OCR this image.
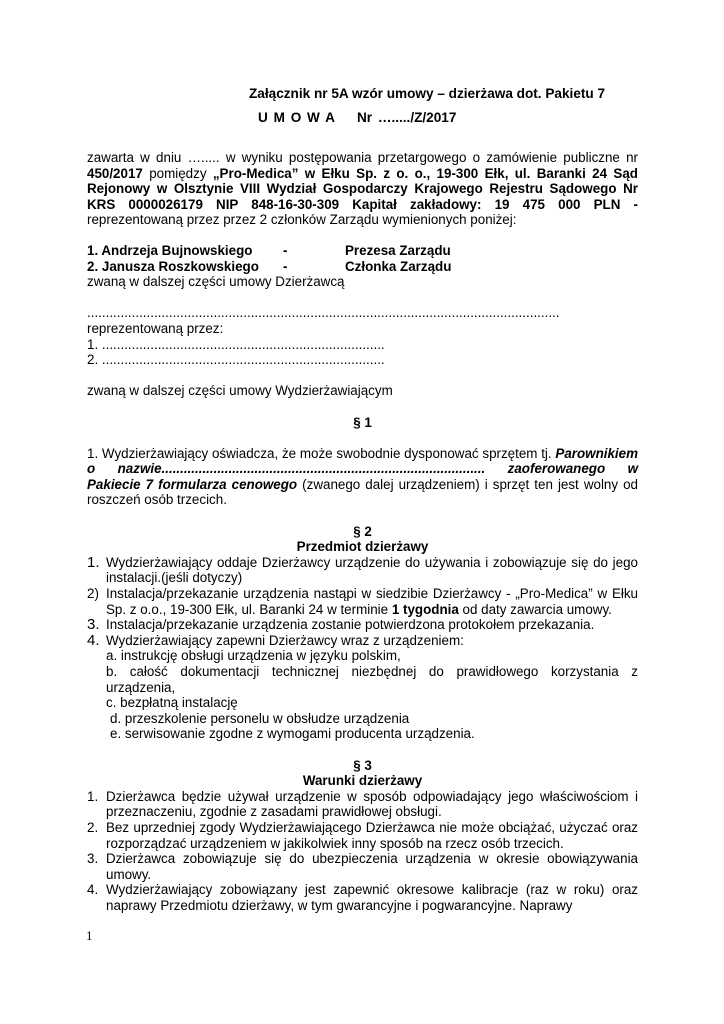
Załącznik nr 5A wzór umowy – dzierżawa dot. Pakietu 7
U M O W A Nr …...../Z/2017

zawarta w dniu …..... w wyniku postępowania przetargowego o zamówienie publiczne nr 450/2017 pomiędzy „Pro-Medica” w Ełku Sp. z o. o., 19-300 Ełk, ul. Baranki 24 Sąd Rejonowy w Olsztynie VIII Wydział Gospodarczy Krajowego Rejestru Sądowego Nr KRS 0000026179 NIP 848-16-30-309 Kapitał zakładowy: 19 475 000 PLN - reprezentowaną przez przez 2 członków Zarządu wymienionych poniżej:

1. Andrzeja Bujnowskiego	-	Prezesa Zarządu
2. Janusza Roszkowskiego	-	Członka Zarządu

zwaną w dalszej części umowy Dzierżawcą

...............................................................................................................................

reprezentowaną przez:

1. ............................................................................

2. ............................................................................

zwaną w dalszej części umowy Wydzierżawiającym

§ 1

1. Wydzierżawiający oświadcza, że może swobodnie dysponować sprzętem tj. Parownikiem o nazwie....................................................................................... zaoferowanego w Pakiecie 7 formularza cenowego (zwanego dalej urządzeniem) i sprzęt ten jest wolny od roszczeń osób trzecich.

§ 2

Przedmiot dzierżawy

1. Wydzierżawiający oddaje Dzierżawcy urządzenie do używania i zobowiązuje się do jego instalacji.(jeśli dotyczy)
2) Instalacja/przekazanie urządzenia nastąpi w siedzibie Dzierżawcy - „Pro-Medica” w Ełku Sp. z o.o., 19-300 Ełk, ul. Baranki 24 w terminie 1 tygodnia od daty zawarcia umowy.
3. Instalacja/przekazanie urządzenia zostanie potwierdzona protokołem przekazania.
4. Wydzierżawiający zapewni Dzierżawcy wraz z urządzeniem:
a. instrukcję obsługi urządzenia w języku polskim,
b. całość dokumentacji technicznej niezbędnej do prawidłowego korzystania z urządzenia,
c. bezpłatną instalację
d. przeszkolenie personelu w obsłudze urządzenia
e. serwisowanie zgodne z wymogami producenta urządzenia.

§ 3

Warunki dzierżawy

1. Dzierżawca będzie używał urządzenie w sposób odpowiadający jego właściwościom i przeznaczeniu, zgodnie z zasadami prawidłowej obsługi.
2. Bez uprzedniej zgody Wydzierżawiającego Dzierżawca nie może obciążać, użyczać oraz rozporządzać urządzeniem w jakikolwiek inny sposób na rzecz osób trzecich.
3. Dzierżawca zobowiązuje się do ubezpieczenia urządzenia w okresie obowiązywania umowy.
4. Wydzierżawiający zobowiązany jest zapewnić okresowe kalibracje (raz w roku) oraz naprawy Przedmiotu dzierżawy, w tym gwarancyjne i pogwarancyjne. Naprawy
1
